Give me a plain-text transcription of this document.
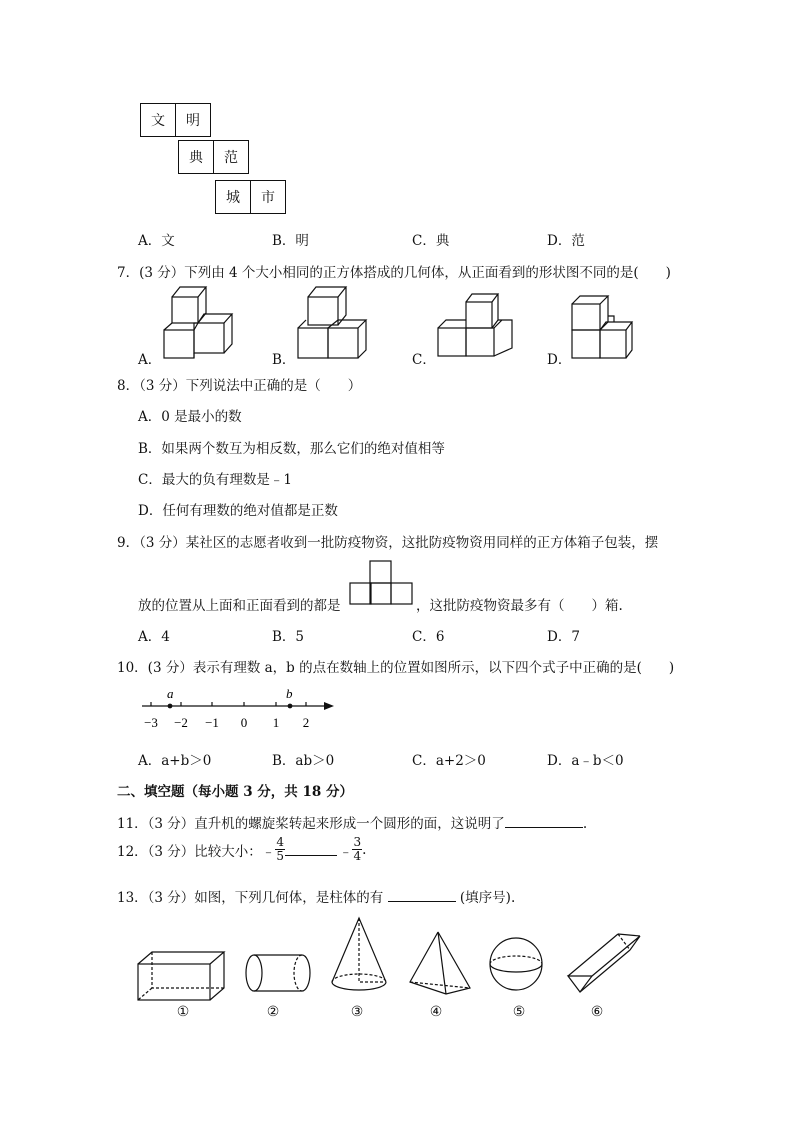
文	明
典	范
城	市
A．文	B．明	C．典	D．范
7．(3 分）下列由 4 个大小相同的正方体搭成的几何体，从正面看到的形状图不同的是(　　)
A．	B．	C．	D．
8．（3 分）下列说法中正确的是（　　）
A．0 是最小的数
B．如果两个数互为相反数，那么它们的绝对值相等
C．最大的负有理数是﹣1
D．任何有理数的绝对值都是正数
9．（3 分）某社区的志愿者收到一批防疫物资，这批防疫物资用同样的正方体箱子包装，摆
放的位置从上面和正面看到的都是	，这批防疫物资最多有（　　）箱.
A．4	B．5	C．6	D．7
10．(3 分）表示有理数 a，b 的点在数轴上的位置如图所示，以下四个式子中正确的是(　　)
a	b
−3 −2 −1 0 1 2
A．a+b＞0	B．ab＞0	C．a+2＞0	D．a﹣b＜0
二、填空题（每小题 3 分，共 18 分）
11．（3 分）直升机的螺旋桨转起来形成一个圆形的面，这说明了	.
12．（3 分）比较大小：﹣ $\frac{4}{5}$	﹣ $\frac{3}{4}$ .
13．（3 分）如图，下列几何体，是柱体的有	(填序号).
①	②	③	④	⑤	⑥
